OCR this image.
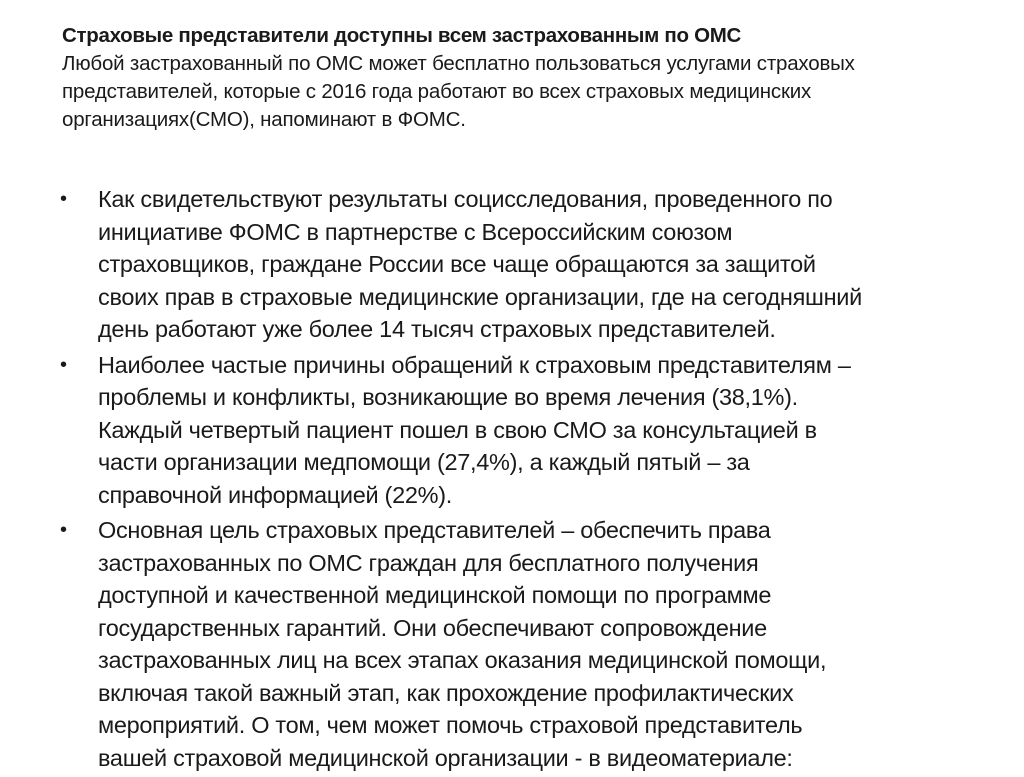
Страховые представители доступны всем застрахованным по ОМС
Любой застрахованный по ОМС может бесплатно пользоваться услугами страховых
представителей, которые с 2016 года работают во всех страховых медицинских
организациях(СМО), напоминают в ФОМС.
• Как свидетельствуют результаты социсследования, проведенного по
инициативе ФОМС в партнерстве с Всероссийским союзом
страховщиков, граждане России все чаще обращаются за защитой
своих прав в страховые медицинские организации, где на сегодняшний
день работают уже более 14 тысяч страховых представителей.
• Наиболее частые причины обращений к страховым представителям –
проблемы и конфликты, возникающие во время лечения (38,1%).
Каждый четвертый пациент пошел в свою СМО за консультацией в
части организации медпомощи (27,4%), а каждый пятый – за
справочной информацией (22%).
• Основная цель страховых представителей – обеспечить права
застрахованных по ОМС граждан для бесплатного получения
доступной и качественной медицинской помощи по программе
государственных гарантий. Они обеспечивают сопровождение
застрахованных лиц на всех этапах оказания медицинской помощи,
включая такой важный этап, как прохождение профилактических
мероприятий. О том, чем может помочь страховой представитель
вашей страховой медицинской организации - в видеоматериале:
